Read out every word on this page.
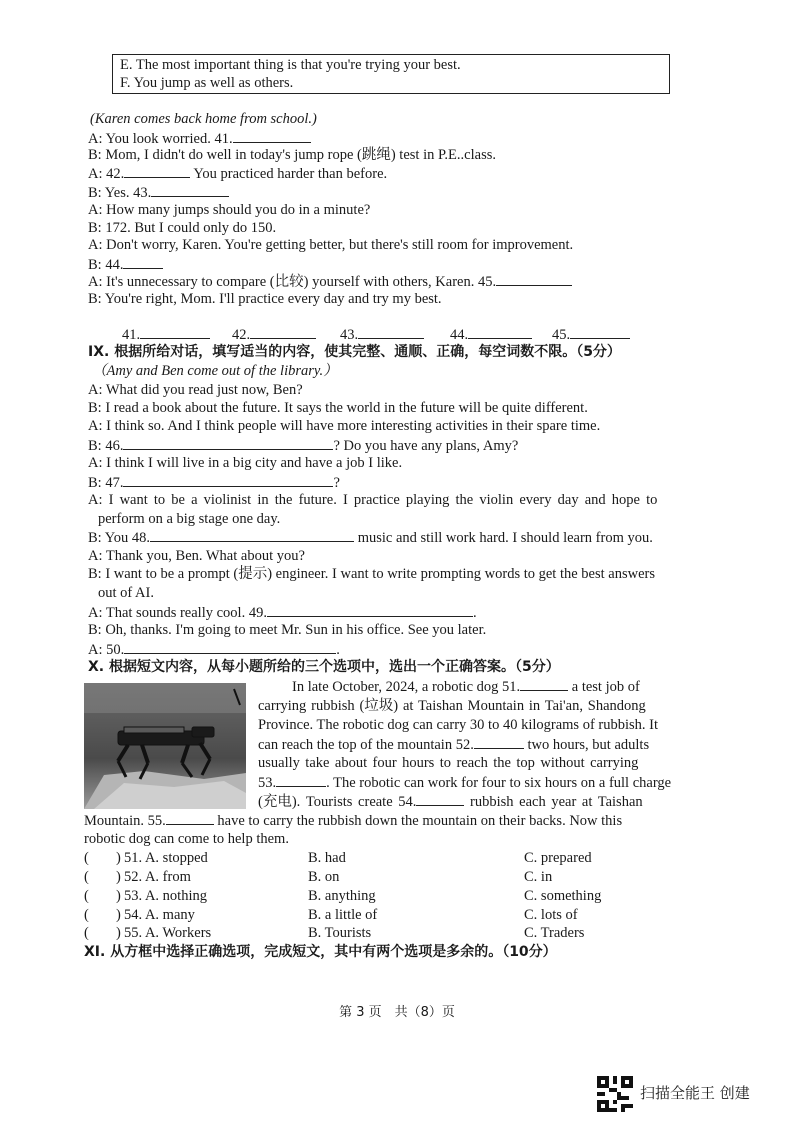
E. The most important thing is that you're trying your best.
F. You jump as well as others.
(Karen comes back home from school.)
A: You look worried. 41.
B: Mom, I didn't do well in today's jump rope (跳绳) test in P.E..class.
A: 42.	You practiced harder than before.
B: Yes. 43.
A: How many jumps should you do in a minute?
B: 172. But I could only do 150.
A: Don't worry, Karen. You're getting better, but there's still room for improvement.
B: 44.
A: It's unnecessary to compare (比较) yourself with others, Karen. 45.
B: You're right, Mom. I'll practice every day and try my best.
41.	42.	43.	44.	45.
IX. 根据所给对话，填写适当的内容，使其完整、通顺、正确，每空词数不限。（5分）
（Amy and Ben come out of the library.）
A: What did you read just now, Ben?
B: I read a book about the future. It says the world in the future will be quite different.
A: I think so. And I think people will have more interesting activities in their spare time.
B: 46.	? Do you have any plans, Amy?
A: I think I will live in a big city and have a job I like.
B: 47.	?
A: I want to be a violinist in the future. I practice playing the violin every day and hope to
perform on a big stage one day.
B: You 48.	music and still work hard. I should learn from you.
A: Thank you, Ben. What about you?
B: I want to be a prompt (提示) engineer. I want to write prompting words to get the best answers
out of AI.
A: That sounds really cool. 49.	.
B: Oh, thanks. I'm going to meet Mr. Sun in his office. See you later.
A: 50.	.
X. 根据短文内容，从每小题所给的三个选项中，选出一个正确答案。（5分）
In late October, 2024, a robotic dog 51.	a test job of
carrying rubbish (垃圾) at Taishan Mountain in Tai'an, Shandong
Province. The robotic dog can carry 30 to 40 kilograms of rubbish. It
can reach the top of the mountain 52.	two hours, but adults
usually take about four hours to reach the top without carrying
53.	. The robotic can work for four to six hours on a full charge
(充电). Tourists create 54.	rubbish each year at Taishan
Mountain. 55.	have to carry the rubbish down the mountain on their backs. Now this
robotic dog can come to help them.
( ) 51. A. stopped	B. had	C. prepared
( ) 52. A. from	B. on	C. in
( ) 53. A. nothing	B. anything	C. something
( ) 54. A. many	B. a little of	C. lots of
( ) 55. A. Workers	B. Tourists	C. Traders
XI. 从方框中选择正确选项，完成短文，其中有两个选项是多余的。（10分）
第 3 页　共（8）页
扫描全能王 创建
